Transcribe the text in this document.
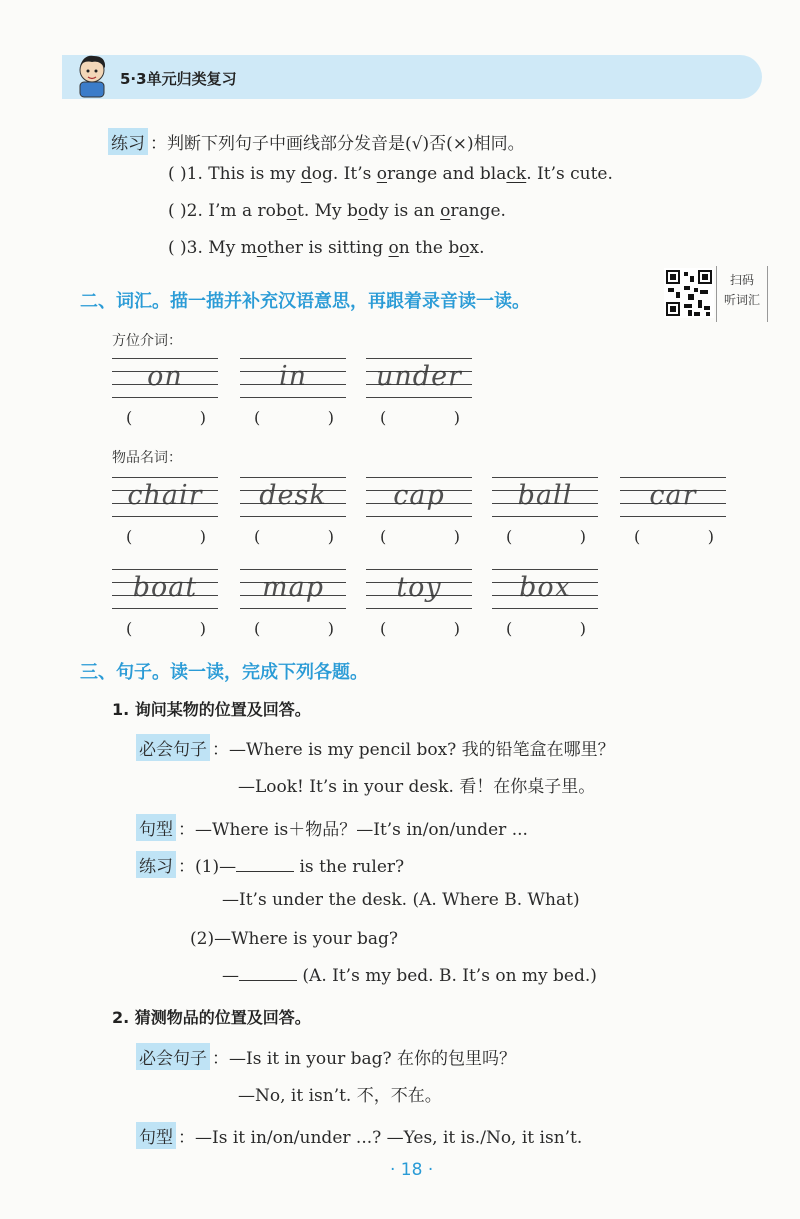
5·3单元归类复习
练习 ：判断下列句子中画线部分发音是(√)否(×)相同。
( )1. This is my dog. It’s orange and black. It’s cute.
( )2. I’m a robot. My body is an orange.
( )3. My mother is sitting on the box.
二、词汇。描一描并补充汉语意思，再跟着录音读一读。
扫码
听词汇
方位介词：
on
(	)
in
(	)
under
(	)
物品名词：
chair
(	)
desk
(	)
cap
(	)
ball
(	)
car
(	)
boat
(	)
map
(	)
toy
(	)
box
(	)
三、句子。读一读，完成下列各题。
1. 询问某物的位置及回答。
必会句子 ：—Where is my pencil box? 我的铅笔盒在哪里？
—Look! It’s in your desk. 看！在你桌子里。
句型 ：—Where is＋物品？—It’s in/on/under ...
练习 ：(1)—	is the ruler?
—It’s under the desk. (A. Where B. What)
(2)—Where is your bag?
—	(A. It’s my bed. B. It’s on my bed.)
2. 猜测物品的位置及回答。
必会句子 ：—Is it in your bag? 在你的包里吗？
—No, it isn’t. 不，不在。
句型 ：—Is it in/on/under ...? —Yes, it is./No, it isn’t.
· 18 ·
